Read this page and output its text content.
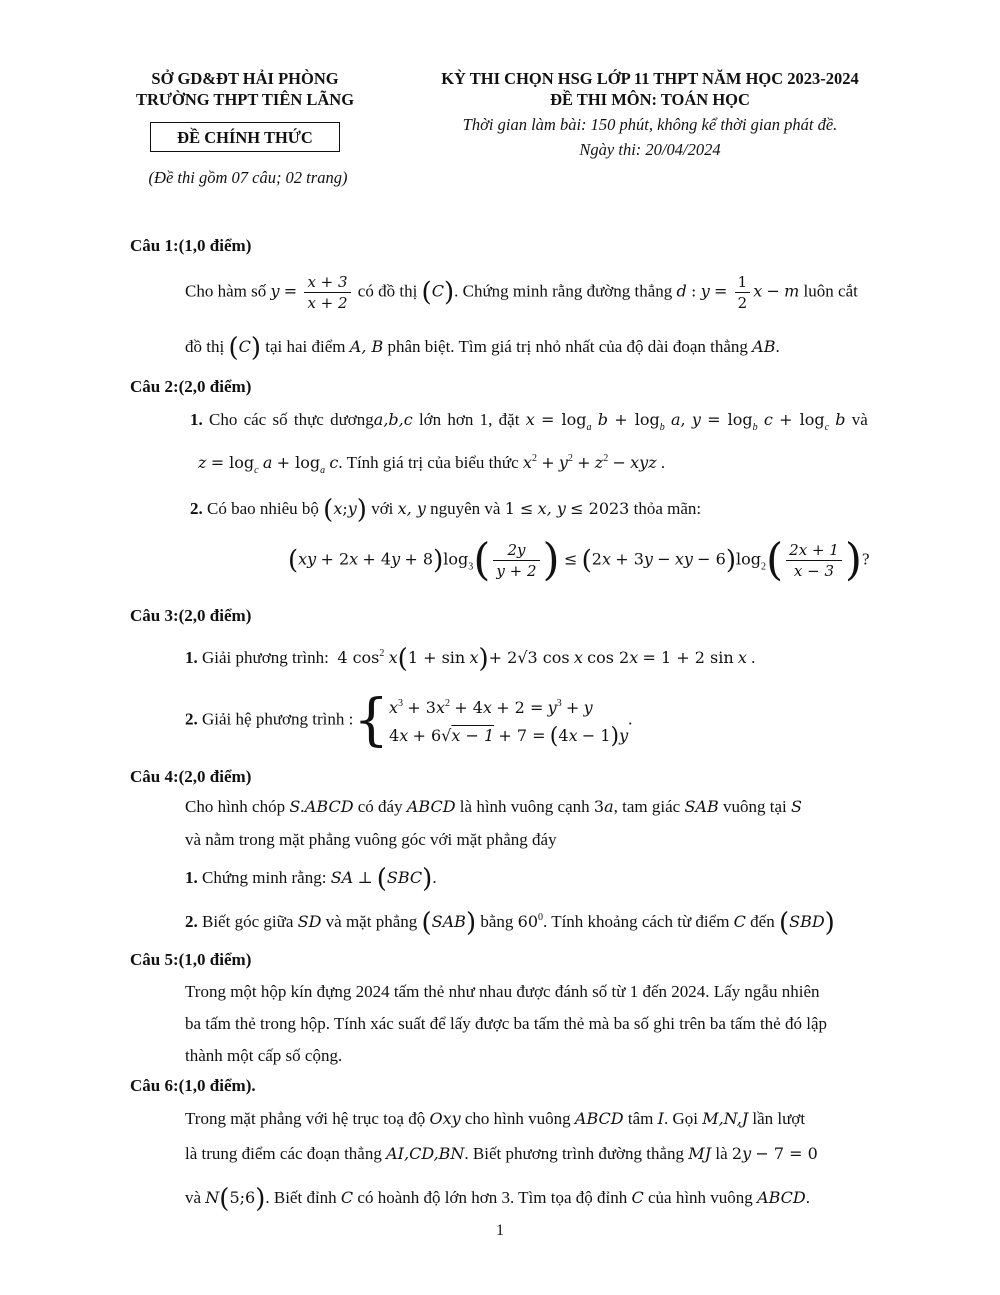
SỞ GD&ĐT HẢI PHÒNG
TRƯỜNG THPT TIÊN LÃNG
ĐỀ CHÍNH THỨC
(Đề thi gồm 07 câu; 02 trang)
KỲ THI CHỌN HSG LỚP 11 THPT NĂM HỌC 2023-2024
ĐỀ THI MÔN: TOÁN HỌC
Thời gian làm bài: 150 phút, không kể thời gian phát đề.
Ngày thi: 20/04/2024
Câu 1:(1,0 điểm)
Cho hàm số $y = \frac{x + 3}{x + 2}$ có đồ thị (C). Chứng minh rằng đường thẳng d : $y = \frac{1}{2}$ x − m luôn cắt
đồ thị (C) tại hai điểm A, B phân biệt. Tìm giá trị nhỏ nhất của độ dài đoạn thẳng AB.
Câu 2:(2,0 điểm)
1. Cho các số thực dươnga,b,c lớn hơn 1, đặt $x = \log_a b + \log_b a$, $y = \log_b c + \log_c b$ và
$z = \log_c a + \log_a c$. Tính giá trị của biểu thức $x^2 + y^2 + z^2$ − xyz .
2. Có bao nhiêu bộ (x;y) với x, y nguyên và 1 ≤ x, y ≤ 2023 thỏa mãn:
$(xy + 2x + 4y + 8)\log_3( \frac{2y}{y + 2}$ ) ≤ (2x + 3y − xy − $6)\log_2( \frac{2x + 1}{x - 3}$ )?
Câu 3:(2,0 điểm)
1. Giải phương trình: 4 $\cos^2 x(1 + \sin x)+ 2√3$ cos x cos 2x = 1 + 2 sin x .
2. Giải hệ phương trình :{ $x^3 + 3x^2 + 4x + 2 = y^3 + y$
4x + 6√x − 1 + 7 = (4x − 1)y
.
Câu 4:(2,0 điểm)
Cho hình chóp S.ABCD có đáy ABCD là hình vuông cạnh 3a, tam giác SAB vuông tại S
và nằm trong mặt phẳng vuông góc với mặt phẳng đáy
1. Chứng minh rằng: SA ⊥ (SBC).
2. Biết góc giữa SD và mặt phẳng (SAB) bằng $60^0$. Tính khoảng cách từ điểm C đến (SBD)
Câu 5:(1,0 điểm)
Trong một hộp kín đựng 2024 tấm thẻ như nhau được đánh số từ 1 đến 2024. Lấy ngẫu nhiên
ba tấm thẻ trong hộp. Tính xác suất để lấy được ba tấm thẻ mà ba số ghi trên ba tấm thẻ đó lập
thành một cấp số cộng.
Câu 6:(1,0 điểm).
Trong mặt phẳng với hệ trục toạ độ Oxy cho hình vuông ABCD tâm I. Gọi M,N,J lần lượt
là trung điểm các đoạn thẳng AI,CD,BN. Biết phương trình đường thẳng MJ là 2y − 7 = 0
và N(5;6). Biết đỉnh C có hoành độ lớn hơn 3. Tìm tọa độ đỉnh C của hình vuông ABCD.
1
